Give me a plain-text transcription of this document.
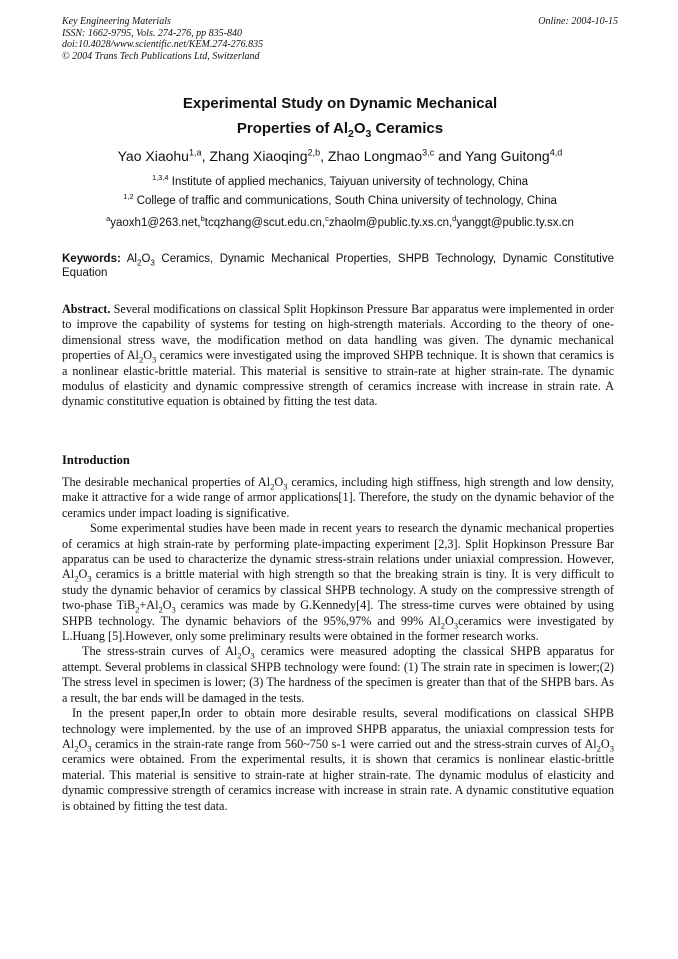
Key Engineering Materials
ISSN: 1662-9795, Vols. 274-276, pp 835-840
doi:10.4028/www.scientific.net/KEM.274-276.835
© 2004 Trans Tech Publications Ltd, Switzerland
Online: 2004-10-15
Experimental Study on Dynamic Mechanical
Properties of $Al_2O_3$ Ceramics
Yao Xiaohu$^{1,a}$, Zhang Xiaoqing$^{2,b}$, Zhao Longmao$^{3,c}$ and Yang Guitong$^{4,d}$
$^{1,3,4}$ Institute of applied mechanics, Taiyuan university of technology, China
$^{1,2}$ College of traffic and communications, South China university of technology, China
$^a$yaoxh1@263.net,$^b$tcqzhang@scut.edu.cn,$^c$zhaolm@public.ty.xs.cn,$^d$yanggt@public.ty.sx.cn
Keywords: $Al_2O_3$ Ceramics, Dynamic Mechanical Properties, SHPB Technology, Dynamic Constitutive Equation

Abstract. Several modifications on classical Split Hopkinson Pressure Bar apparatus were implemented in order to improve the capability of systems for testing on high-strength materials. According to the theory of one-dimensional stress wave, the modification method on data handling was given. The dynamic mechanical properties of $Al_2O_3$ ceramics were investigated using the improved SHPB technique. It is shown that ceramics is a nonlinear elastic-brittle material. This material is sensitive to strain-rate at higher strain-rate. The dynamic modulus of elasticity and dynamic compressive strength of ceramics increase with increase in strain rate. A dynamic constitutive equation is obtained by fitting the test data.

Introduction

The desirable mechanical properties of $Al_2O_3$ ceramics, including high stiffness, high strength and low density, make it attractive for a wide range of armor applications[1]. Therefore, the study on the dynamic behavior of the ceramics under impact loading is significative.

Some experimental studies have been made in recent years to research the dynamic mechanical properties of ceramics at high strain-rate by performing plate-impacting experiment [2,3]. Split Hopkinson Pressure Bar apparatus can be used to characterize the dynamic stress-strain relations under uniaxial compression. However, $Al_2O_3$ ceramics is a brittle material with high strength so that the breaking strain is tiny. It is very difficult to study the dynamic behavior of ceramics by classical SHPB technology. A study on the compressive strength of two-phase $TiB_2+Al_2O_3$ ceramics was made by G.Kennedy[4]. The stress-time curves were obtained by using SHPB technology. The dynamic behaviors of the 95%,97% and 99% $Al_2O_3ceramics$ were investigated by L.Huang [5].However, only some preliminary results were obtained in the former research works.

The stress-strain curves of $Al_2O_3$ ceramics were measured adopting the classical SHPB apparatus for attempt. Several problems in classical SHPB technology were found: (1) The strain rate in specimen is lower;(2) The stress level in specimen is lower; (3) The hardness of the specimen is greater than that of the SHPB bars. As a result, the bar ends will be damaged in the tests.

In the present paper,In order to obtain more desirable results, several modifications on classical SHPB technology were implemented. by the use of an improved SHPB apparatus, the uniaxial compression tests for $Al_2O_3$ ceramics in the strain-rate range from 560~750 s-1 were carried out and the stress-strain curves of $Al_2O_3$ ceramics were obtained. From the experimental results, it is shown that ceramics is nonlinear elastic-brittle material. This material is sensitive to strain-rate at higher strain-rate. The dynamic modulus of elasticity and dynamic compressive strength of ceramics increase with increase in strain rate. A dynamic constitutive equation is obtained by fitting the test data.
